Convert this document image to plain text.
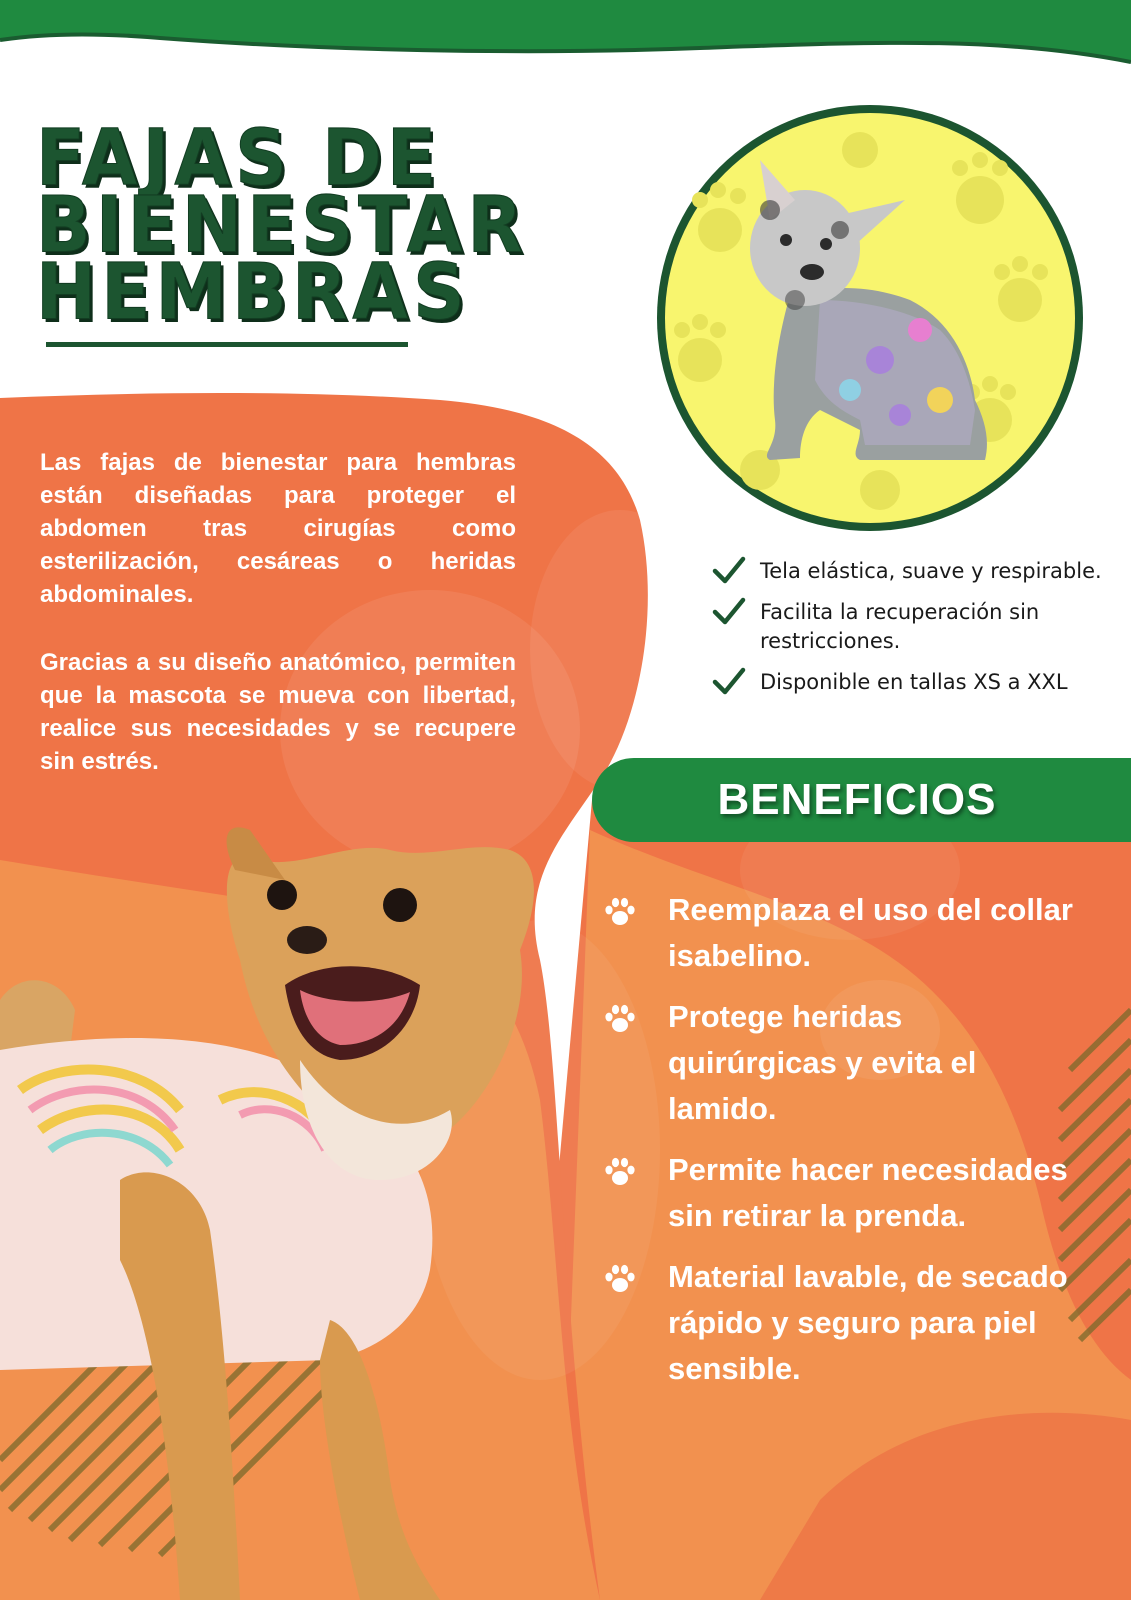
FAJAS DE
BIENESTAR
HEMBRAS

Las fajas de bienestar para hembras están diseñadas para proteger el abdomen tras cirugías como esterilización, cesáreas o heridas abdominales.

Gracias a su diseño anatómico, permiten que la mascota se mueva con libertad, realice sus necesidades y se recupere sin estrés.

Tela elástica, suave y respirable.
Facilita la recuperación sin restricciones.
Disponible en tallas XS a XXL
BENEFICIOS
Reemplaza el uso del collar isabelino.
Protege heridas quirúrgicas y evita el lamido.
Permite hacer necesidades sin retirar la prenda.
Material lavable, de secado rápido y seguro para piel sensible.
